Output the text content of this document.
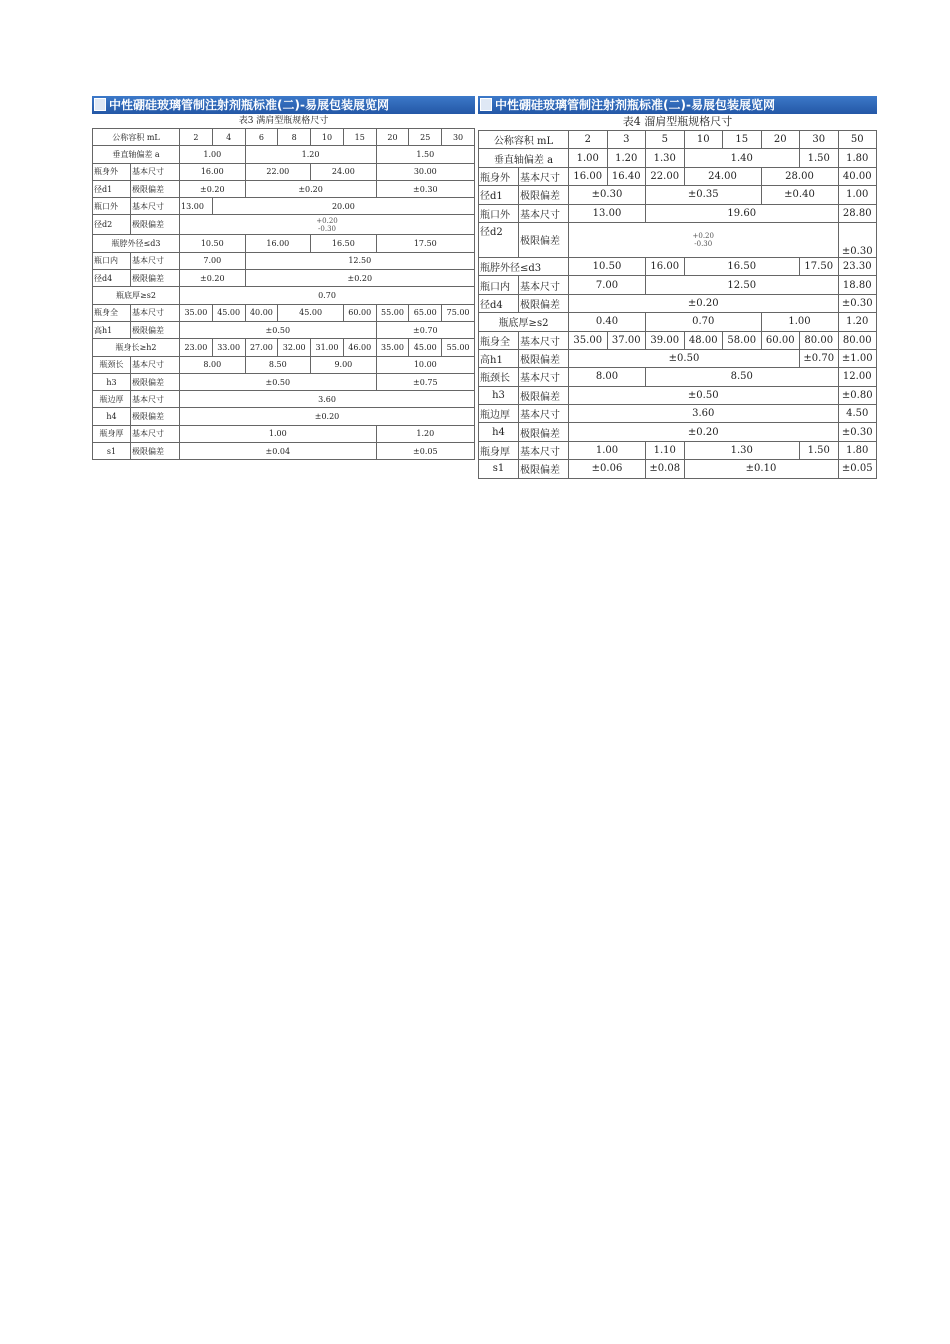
中性硼硅玻璃管制注射剂瓶标准(二)-易展包装展览网
表3 满肩型瓶规格尺寸
公称容积 mL		2	4	6	8	10	15	20	25	30
垂直轴偏差 a		1.00		1.20				1.50		
瓶身外	基本尺寸	16.00		22.00		24.00		30.00		
径d1	极限偏差	±0.20		±0.20				±0.30		
瓶口外	基本尺寸	13.00	20.00							
径d2	极限偏差	+0.20
-0.30								

瓶脖外径≤d3		10.50		16.00		16.50		17.50		
瓶口内	基本尺寸	7.00		12.50						
径d4	极限偏差	±0.20		±0.20						
瓶底厚≥s2		0.70								
瓶身全	基本尺寸	35.00	45.00	40.00	45.00		60.00	55.00	65.00	75.00
高h1	极限偏差	±0.50						±0.70		
瓶身长≥h2		23.00	33.00	27.00	32.00	31.00	46.00	35.00	45.00	55.00
瓶颈长	基本尺寸	8.00		8.50		9.00		10.00		
h3	极限偏差	±0.50						±0.75		
瓶边厚	基本尺寸	3.60								
h4	极限偏差	±0.20								
瓶身厚	基本尺寸	1.00						1.20		
s1	极限偏差	±0.04						±0.05		
中性硼硅玻璃管制注射剂瓶标准(二)-易展包装展览网
表4 溜肩型瓶规格尺寸
公称容积 mL		2	3	5	10	15	20	30	50
垂直轴偏差 a		1.00	1.20	1.30	1.40			1.50	1.80
瓶身外	基本尺寸	16.00	16.40	22.00	24.00		28.00		40.00
径d1	极限偏差	±0.30		±0.35			±0.40		1.00
瓶口外	基本尺寸	13.00		19.60					28.80
径d2	极限偏差	+0.20
-0.30							±0.30
瓶脖外径≤d3		10.50		16.00	16.50			17.50	23.30
瓶口内	基本尺寸	7.00		12.50					18.80
径d4	极限偏差	±0.20							±0.30
瓶底厚≥s2		0.40		0.70			1.00		1.20
瓶身全	基本尺寸	35.00	37.00	39.00	48.00	58.00	60.00	80.00	80.00
高h1	极限偏差	±0.50						±0.70	±1.00
瓶颈长	基本尺寸	8.00		8.50					12.00
h3	极限偏差	±0.50							±0.80
瓶边厚	基本尺寸	3.60							4.50
h4	极限偏差	±0.20							±0.30
瓶身厚	基本尺寸	1.00		1.10	1.30			1.50	1.80
s1	极限偏差	±0.06		±0.08	±0.10				±0.05
